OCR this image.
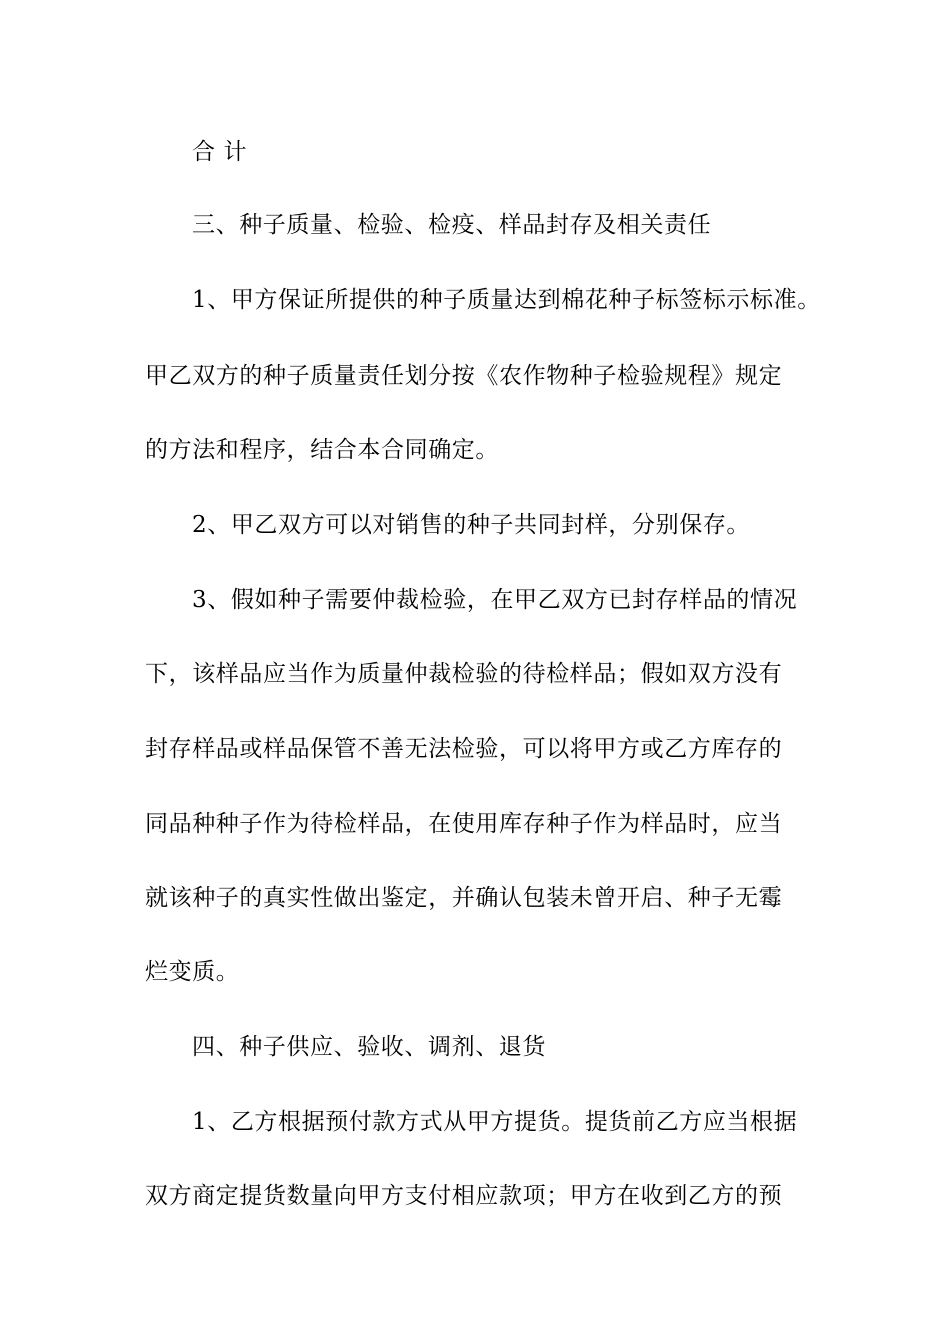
合 计

三、种子质量、检验、检疫、样品封存及相关责任

1、甲方保证所提供的种子质量达到棉花种子标签标示标准。

甲乙双方的种子质量责任划分按《农作物种子检验规程》规定

的方法和程序，结合本合同确定。

2、甲乙双方可以对销售的种子共同封样，分别保存。

3、假如种子需要仲裁检验，在甲乙双方已封存样品的情况

下，该样品应当作为质量仲裁检验的待检样品；假如双方没有

封存样品或样品保管不善无法检验，可以将甲方或乙方库存的

同品种种子作为待检样品，在使用库存种子作为样品时，应当

就该种子的真实性做出鉴定，并确认包装未曾开启、种子无霉

烂变质。

四、种子供应、验收、调剂、退货

1、乙方根据预付款方式从甲方提货。提货前乙方应当根据

双方商定提货数量向甲方支付相应款项；甲方在收到乙方的预
